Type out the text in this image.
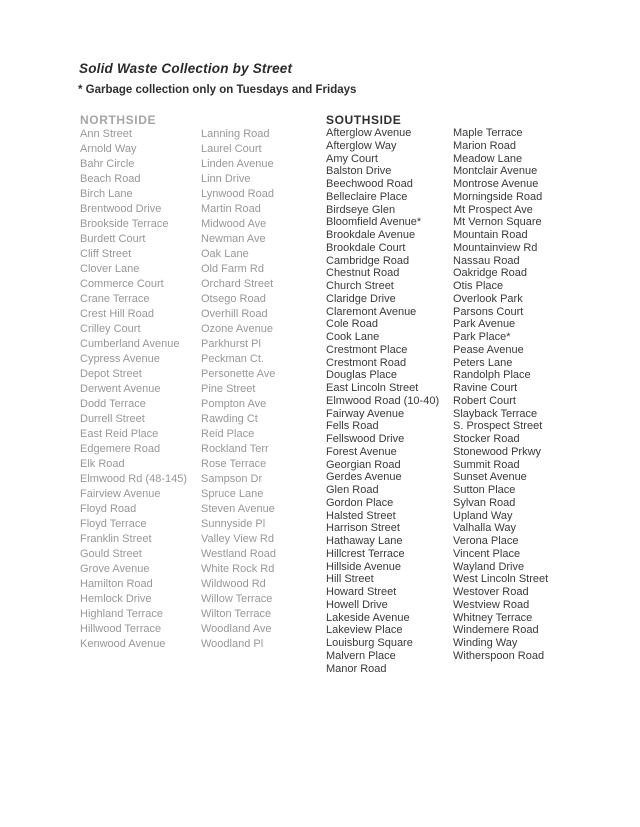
Solid Waste Collection by Street
* Garbage collection only on Tuesdays and Fridays
NORTHSIDE	SOUTHSIDE
Ann Street
Arnold Way
Bahr Circle
Beach Road
Birch Lane
Brentwood Drive
Brookside Terrace
Burdett Court
Cliff Street
Clover Lane
Commerce Court
Crane Terrace
Crest Hill Road
Crilley Court
Cumberland Avenue
Cypress Avenue
Depot Street
Derwent Avenue
Dodd Terrace
Durrell Street
East Reid Place
Edgemere Road
Elk Road
Elmwood Rd (48-145)
Fairview Avenue
Floyd Road
Floyd Terrace
Franklin Street
Gould Street
Grove Avenue
Hamilton Road
Hemlock Drive
Highland Terrace
Hillwood Terrace
Kenwood Avenue
Lanning Road
Laurel Court
Linden Avenue
Linn Drive
Lynwood Road
Martin Road
Midwood Ave
Newman Ave
Oak Lane
Old Farm Rd
Orchard Street
Otsego Road
Overhill Road
Ozone Avenue
Parkhurst Pl
Peckman Ct.
Personette Ave
Pine Street
Pompton Ave
Rawding Ct
Reid Place
Rockland Terr
Rose Terrace
Sampson Dr
Spruce Lane
Steven Avenue
Sunnyside Pl
Valley View Rd
Westland Road
White Rock Rd
Wildwood Rd
Willow Terrace
Wilton Terrace
Woodland Ave
Woodland Pl
Afterglow Avenue
Afterglow Way
Amy Court
Balston Drive
Beechwood Road
Belleclaire Place
Birdseye Glen
Bloomfield Avenue*
Brookdale Avenue
Brookdale Court
Cambridge Road
Chestnut Road
Church Street
Claridge Drive
Claremont Avenue
Cole Road
Cook Lane
Crestmont Place
Crestmont Road
Douglas Place
East Lincoln Street
Elmwood Road (10-40)
Fairway Avenue
Fells Road
Fellswood Drive
Forest Avenue
Georgian Road
Gerdes Avenue
Glen Road
Gordon Place
Halsted Street
Harrison Street
Hathaway Lane
Hillcrest Terrace
Hillside Avenue
Hill Street
Howard Street
Howell Drive
Lakeside Avenue
Lakeview Place
Louisburg Square
Malvern Place
Manor Road
Maple Terrace
Marion Road
Meadow Lane
Montclair Avenue
Montrose Avenue
Morningside Road
Mt Prospect Ave
Mt Vernon Square
Mountain Road
Mountainview Rd
Nassau Road
Oakridge Road
Otis Place
Overlook Park
Parsons Court
Park Avenue
Park Place*
Pease Avenue
Peters Lane
Randolph Place
Ravine Court
Robert Court
Slayback Terrace
S. Prospect Street
Stocker Road
Stonewood Prkwy
Summit Road
Sunset Avenue
Sutton Place
Sylvan Road
Upland Way
Valhalla Way
Verona Place
Vincent Place
Wayland Drive
West Lincoln Street
Westover Road
Westview Road
Whitney Terrace
Windemere Road
Winding Way
Witherspoon Road
